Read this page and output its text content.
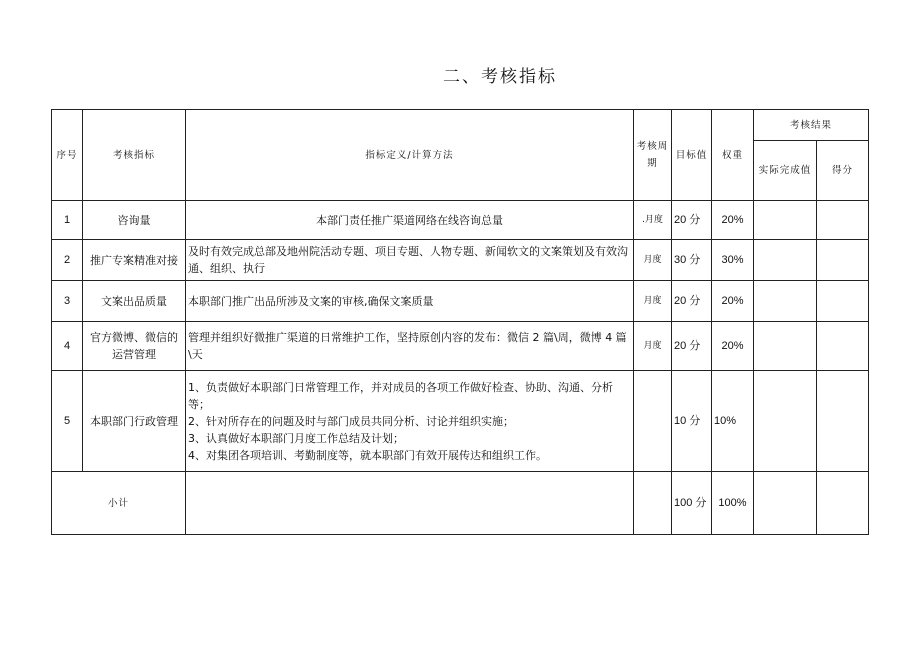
二、考核指标
序号	考核指标	指标定义/计算方法	考核周期	目标值	权重	考核结果	
						实际完成值	得分
1	咨询量	本部门责任推广渠道网络在线咨询总量	.月度	20 分	20%		
2	推广专案精准对接	及时有效完成总部及地州院活动专题、项目专题、人物专题、新闻软文的文案策划及有效沟通、组织、执行	月度	30 分	30%		
3	文案出品质量	本职部门推广出品所涉及文案的审核,确保文案质量	月度	20 分	20%		
4	官方微博、微信的运营管理	管理并组织好微推广渠道的日常维护工作，坚持原创内容的发布：微信 2 篇\周，微博 4 篇\天	月度	20 分	20%		
5	本职部门行政管理	1、负责做好本职部门日常管理工作，并对成员的各项工作做好检查、协助、沟通、分析等；
2、针对所存在的问题及时与部门成员共同分析、讨论并组织实施；
3、认真做好本职部门月度工作总结及计划；
4、对集团各项培训、考勤制度等，就本职部门有效开展传达和组织工作。		10 分	10%		
小计				100 分	100%		
